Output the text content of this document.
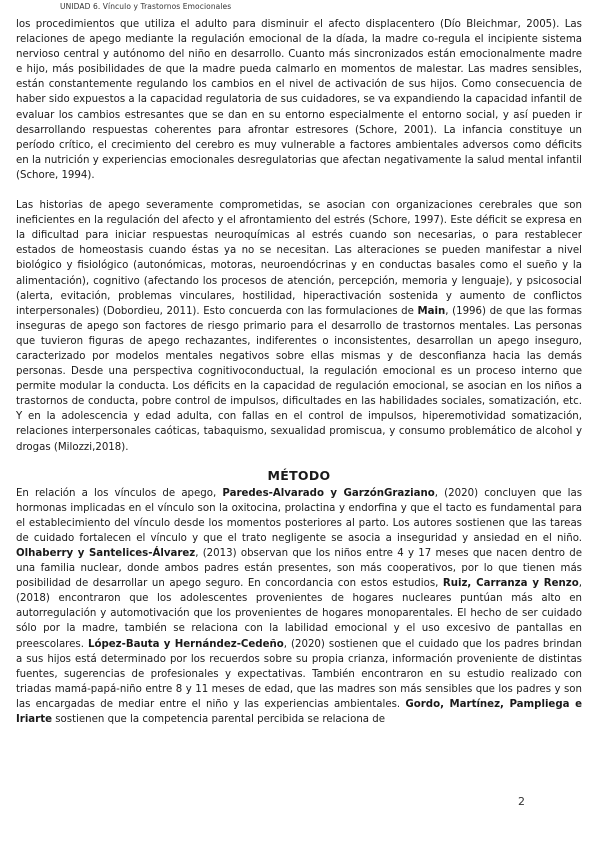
UNIDAD 6. Vínculo y Trastornos Emocionales

los procedimientos que utiliza el adulto para disminuir el afecto displacentero (Dío Bleichmar, 2005). Las relaciones de apego mediante la regulación emocional de la díada, la madre co-regula el incipiente sistema nervioso central y autónomo del niño en desarrollo. Cuanto más sincronizados están emocionalmente madre e hijo, más posibilidades de que la madre pueda calmarlo en momentos de malestar. Las madres sensibles, están constantemente regulando los cambios en el nivel de activación de sus hijos. Como consecuencia de haber sido expuestos a la capacidad regulatoria de sus cuidadores, se va expandiendo la capacidad infantil de evaluar los cambios estresantes que se dan en su entorno especialmente el entorno social, y así pueden ir desarrollando respuestas coherentes para afrontar estresores (Schore, 2001). La infancia constituye un período crítico, el crecimiento del cerebro es muy vulnerable a factores ambientales adversos como déficits en la nutrición y experiencias emocionales desregulatorias que afectan negativamente la salud mental infantil (Schore, 1994).

Las historias de apego severamente comprometidas, se asocian con organizaciones cerebrales que son ineficientes en la regulación del afecto y el afrontamiento del estrés (Schore, 1997). Este déficit se expresa en la dificultad para iniciar respuestas neuroquímicas al estrés cuando son necesarias, o para restablecer estados de homeostasis cuando éstas ya no se necesitan. Las alteraciones se pueden manifestar a nivel biológico y fisiológico (autonómicas, motoras, neuroendócrinas y en conductas basales como el sueño y la alimentación), cognitivo (afectando los procesos de atención, percepción, memoria y lenguaje), y psicosocial (alerta, evitación, problemas vinculares, hostilidad, hiperactivación sostenida y aumento de conflictos interpersonales) (Dobordieu, 2011). Esto concuerda con las formulaciones de Main, (1996) de que las formas inseguras de apego son factores de riesgo primario para el desarrollo de trastornos mentales. Las personas que tuvieron figuras de apego rechazantes, indiferentes o inconsistentes, desarrollan un apego inseguro, caracterizado por modelos mentales negativos sobre ellas mismas y de desconfianza hacia las demás personas. Desde una perspectiva cognitivoconductual, la regulación emocional es un proceso interno que permite modular la conducta. Los déficits en la capacidad de regulación emocional, se asocian en los niños a trastornos de conducta, pobre control de impulsos, dificultades en las habilidades sociales, somatización, etc. Y en la adolescencia y edad adulta, con fallas en el control de impulsos, hiperemotividad somatización, relaciones interpersonales caóticas, tabaquismo, sexualidad promiscua, y consumo problemático de alcohol y drogas (Milozzi,2018).

MÉTODO

En relación a los vínculos de apego, Paredes-Alvarado y GarzónGraziano, (2020) concluyen que las hormonas implicadas en el vínculo son la oxitocina, prolactina y endorfina y que el tacto es fundamental para el establecimiento del vínculo desde los momentos posteriores al parto. Los autores sostienen que las tareas de cuidado fortalecen el vínculo y que el trato negligente se asocia a inseguridad y ansiedad en el niño. Olhaberry y Santelices-Álvarez, (2013) observan que los niños entre 4 y 17 meses que nacen dentro de una familia nuclear, donde ambos padres están presentes, son más cooperativos, por lo que tienen más posibilidad de desarrollar un apego seguro. En concordancia con estos estudios, Ruiz, Carranza y Renzo, (2018) encontraron que los adolescentes provenientes de hogares nucleares puntúan más alto en autorregulación y automotivación que los provenientes de hogares monoparentales. El hecho de ser cuidado sólo por la madre, también se relaciona con la labilidad emocional y el uso excesivo de pantallas en preescolares. López-Bauta y Hernández-Cedeño, (2020) sostienen que el cuidado que los padres brindan a sus hijos está determinado por los recuerdos sobre su propia crianza, información proveniente de distintas fuentes, sugerencias de profesionales y expectativas. También encontraron en su estudio realizado con triadas mamá-papá-niño entre 8 y 11 meses de edad, que las madres son más sensibles que los padres y son las encargadas de mediar entre el niño y las experiencias ambientales. Gordo, Martínez, Pampliega e Iriarte sostienen que la competencia parental percibida se relaciona de

2
